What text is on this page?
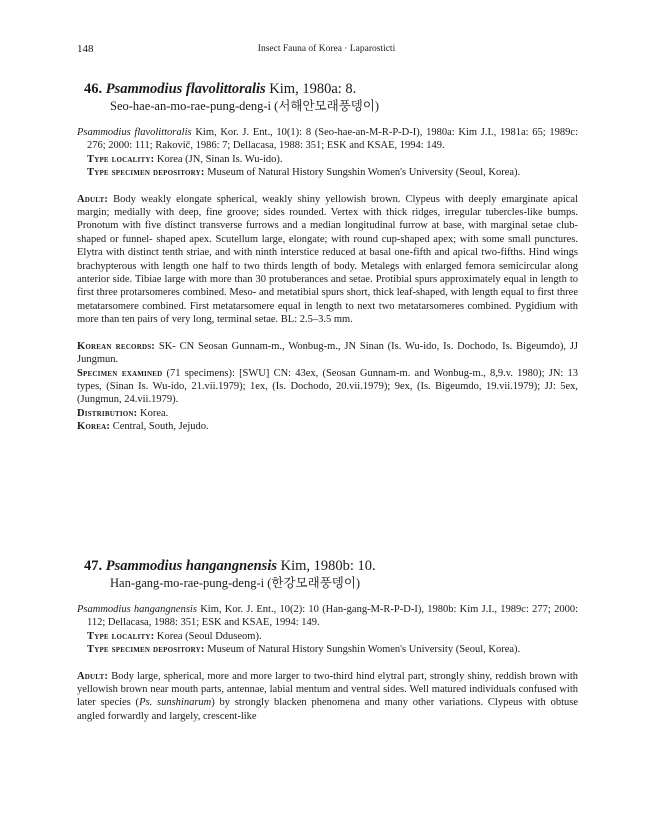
148	Insect Fauna of Korea · Laparosticti
46. Psammodius flavolittoralis Kim, 1980a: 8.
Seo-hae-an-mo-rae-pung-deng-i (서해안모래풍뎅이)

Psammodius flavolittoralis Kim, Kor. J. Ent., 10(1): 8 (Seo-hae-an-M-R-P-D-I), 1980a: Kim J.I., 1981a: 65; 1989c: 276; 2000: 111; Rakovič, 1986: 7; Dellacasa, 1988: 351; ESK and KSAE, 1994: 149.

Type locality: Korea (JN, Sinan Is. Wu-ido).

Type specimen depository: Museum of Natural History Sungshin Women's University (Seoul, Korea).

Adult: Body weakly elongate spherical, weakly shiny yellowish brown. Clypeus with deeply emarginate apical margin; medially with deep, fine groove; sides rounded. Vertex with thick ridges, irregular tubercles-like bumps. Pronotum with five distinct transverse furrows and a median longitudinal furrow at base, with marginal setae club-shaped or funnel- shaped apex. Scutellum large, elongate; with round cup-shaped apex; with some small punctures. Elytra with distinct tenth striae, and with ninth interstice reduced at basal one-fifth and apical two-fifths. Hind wings brachypterous with length one half to two thirds length of body. Metalegs with enlarged femora semicircular along anterior side. Tibiae large with more than 30 protuberances and setae. Protibial spurs approximately equal in length to first three protarsomeres combined. Meso- and metatibial spurs short, thick leaf-shaped, with length equal to first three metatarsomere combined. First metatarsomere equal in length to next two metatarsomeres combined. Pygidium with more than ten pairs of very long, terminal setae. BL: 2.5–3.5 mm.

Korean records: SK- CN Seosan Gunnam-m., Wonbug-m., JN Sinan (Is. Wu-ido, Is. Dochodo, Is. Bigeumdo), JJ Jungmun.

Specimen examined (71 specimens): [SWU] CN: 43ex, (Seosan Gunnam-m. and Wonbug-m., 8,9.v. 1980); JN: 13 types, (Sinan Is. Wu-ido, 21.vii.1979); 1ex, (Is. Dochodo, 20.vii.1979); 9ex, (Is. Bigeumdo, 19.vii.1979); JJ: 5ex, (Jungmun, 24.vii.1979).

Distribution: Korea.

Korea: Central, South, Jejudo.

47. Psammodius hangangnensis Kim, 1980b: 10.
Han-gang-mo-rae-pung-deng-i (한강모래풍뎅이)

Psammodius hangangnensis Kim, Kor. J. Ent., 10(2): 10 (Han-gang-M-R-P-D-I), 1980b: Kim J.I., 1989c: 277; 2000: 112; Dellacasa, 1988: 351; ESK and KSAE, 1994: 149.

Type locality: Korea (Seoul Dduseom).

Type specimen depository: Museum of Natural History Sungshin Women's University (Seoul, Korea).

Adult: Body large, spherical, more and more larger to two-third hind elytral part, strongly shiny, reddish brown with yellowish brown near mouth parts, antennae, labial mentum and ventral sides. Well matured individuals confused with later species (Ps. sunshinarum) by strongly blacken phenomena and many other variations. Clypeus with obtuse angled forwardly and largely, crescent-like
